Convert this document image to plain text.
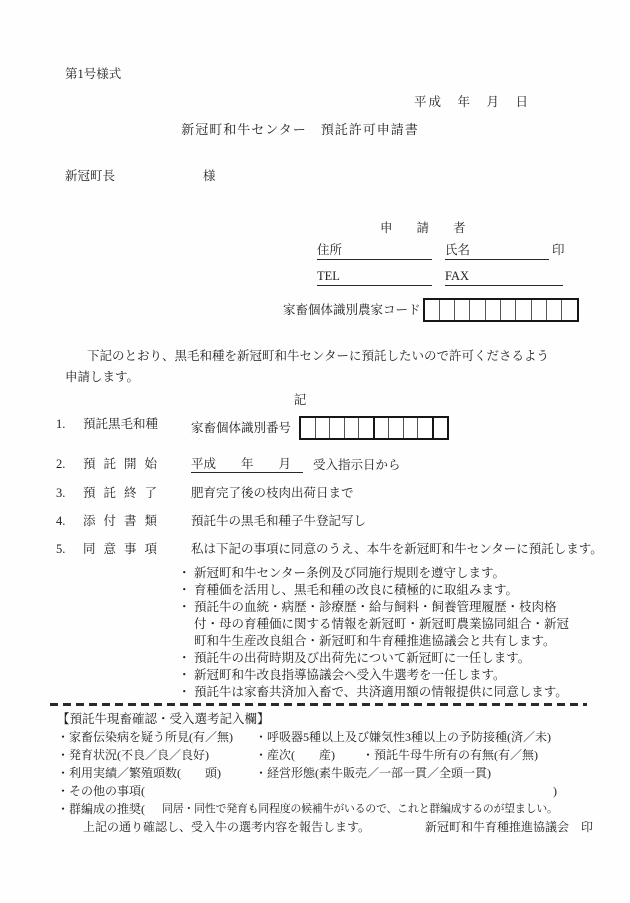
第1号様式
平成　年　月　日
新冠町和牛センター　預託許可申請書
新冠町長	様
申請者
住所	氏名	印
TEL	FAX
家畜個体識別農家コード
下記のとおり、黒毛和種を新冠町和牛センターに預託したいので許可くださるよう
申請します。
記
1.	預託黒毛和種	家畜個体識別番号
2.	預託開始	平成　　年　　月	受入指示日から
3.	預託終了	肥育完了後の枝肉出荷日まで
4.	添付書類	預託牛の黒毛和種子牛登記写し
5.	同意事項	私は下記の事項に同意のうえ、本牛を新冠町和牛センターに預託します。
・ 新冠町和牛センター条例及び同施行規則を遵守します。
・ 育種価を活用し、黒毛和種の改良に積極的に取組みます。
・ 預託牛の血統・病歴・診療歴・給与飼料・飼養管理履歴・枝肉格付・母の育種価に関する情報を新冠町・新冠町農業協同組合・新冠町和牛生産改良組合・新冠町和牛育種推進協議会と共有します。
・ 預託牛の出荷時期及び出荷先について新冠町に一任します。
・ 新冠町和牛改良指導協議会へ受入牛選考を一任します。
・ 預託牛は家畜共済加入畜で、共済適用額の情報提供に同意します。
【預託牛現畜確認・受入選考記入欄】
・家畜伝染病を疑う所見(有／無)	・呼吸器5種以上及び嫌気性3種以上の予防接種(済／未)
・発育状況(不良／良／良好)	・産次(　　産)	・預託牛母牛所有の有無(有／無)
・利用実績／繁殖頭数(　　頭)	・経営形態(素牛販売／一部一貫／全頭一貫)
・その他の事項(	)
・群編成の推奨( 同居・同性で発育も同程度の候補牛がいるので、これと群編成するのが望ましい。
上記の通り確認し、受入牛の選考内容を報告します。	新冠町和牛育種推進協議会　印
